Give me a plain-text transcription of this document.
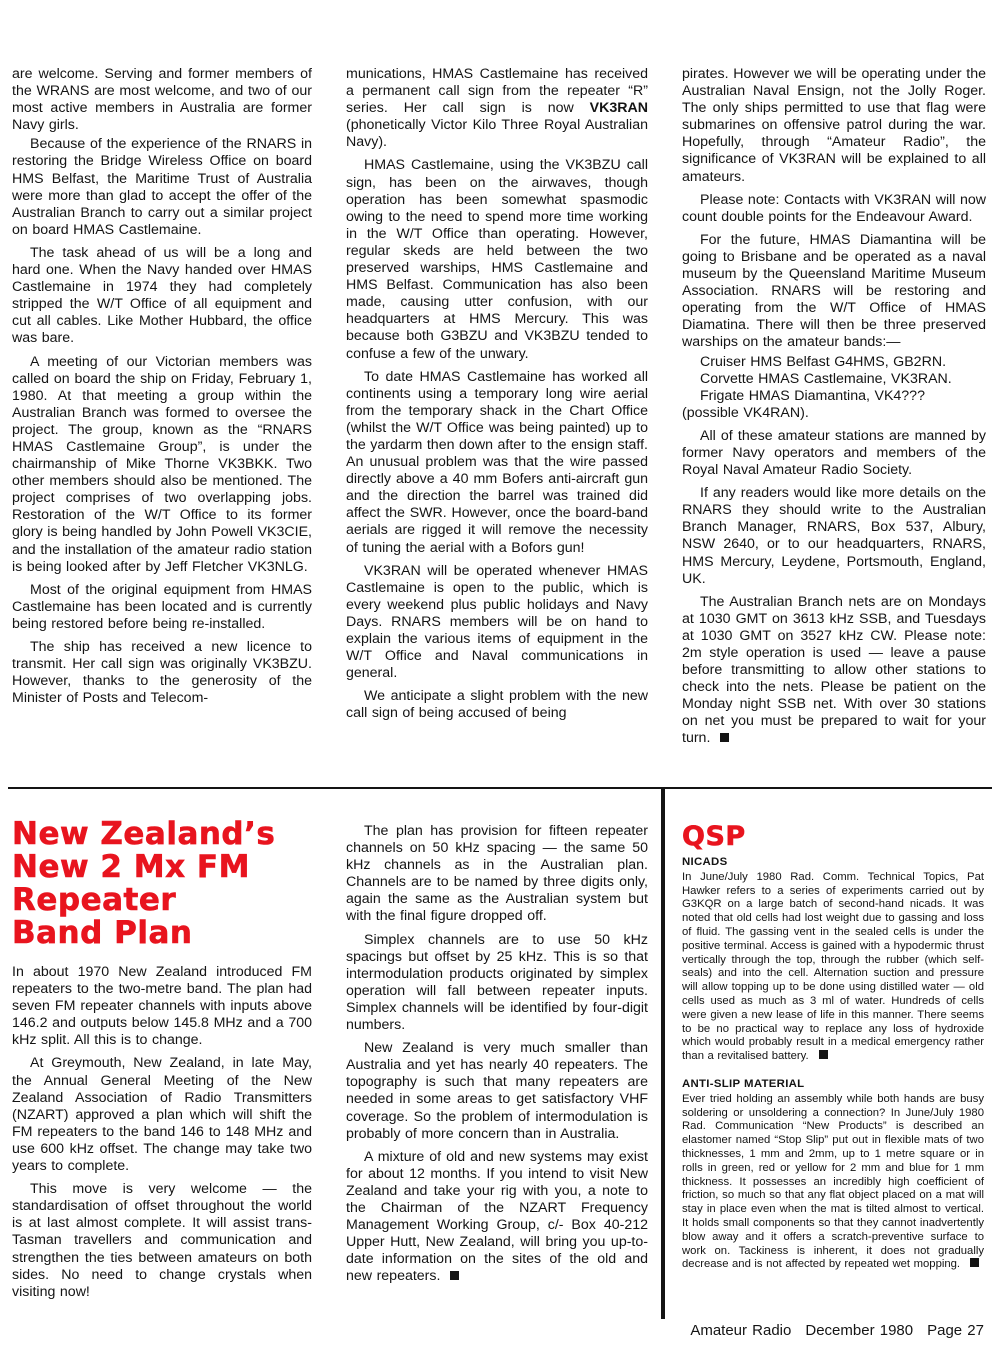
are welcome. Serving and former members of the WRANS are most welcome, and two of our most active members in Australia are former Navy girls.

Because of the experience of the RNARS in restoring the Bridge Wireless Office on board HMS Belfast, the Maritime Trust of Australia were more than glad to accept the offer of the Australian Branch to carry out a similar project on board HMAS Castlemaine.

The task ahead of us will be a long and hard one. When the Navy handed over HMAS Castlemaine in 1974 they had completely stripped the W/T Office of all equipment and cut all cables. Like Mother Hubbard, the office was bare.

A meeting of our Victorian members was called on board the ship on Friday, February 1, 1980. At that meeting a group within the Australian Branch was formed to oversee the project. The group, known as the “RNARS HMAS Castlemaine Group”, is under the chairmanship of Mike Thorne VK3BKK. Two other members should also be mentioned. The project comprises of two overlapping jobs. Restoration of the W/T Office to its former glory is being handled by John Powell VK3CIE, and the installation of the amateur radio station is being looked after by Jeff Fletcher VK3NLG.

Most of the original equipment from HMAS Castlemaine has been located and is currently being restored before being re-installed.

The ship has received a new licence to transmit. Her call sign was originally VK3BZU. However, thanks to the generosity of the Minister of Posts and Telecom-

munications, HMAS Castlemaine has received a permanent call sign from the repeater “R” series. Her call sign is now VK3RAN (phonetically Victor Kilo Three Royal Australian Navy).

HMAS Castlemaine, using the VK3BZU call sign, has been on the airwaves, though operation has been somewhat spasmodic owing to the need to spend more time working in the W/T Office than operating. However, regular skeds are held between the two preserved warships, HMS Castlemaine and HMS Belfast. Communication has also been made, causing utter confusion, with our headquarters at HMS Mercury. This was because both G3BZU and VK3BZU tended to confuse a few of the unwary.

To date HMAS Castlemaine has worked all continents using a temporary long wire aerial from the temporary shack in the Chart Office (whilst the W/T Office was being painted) up to the yardarm then down after to the ensign staff. An unusual problem was that the wire passed directly above a 40 mm Bofers anti-aircraft gun and the direction the barrel was trained did affect the SWR. However, once the board-band aerials are rigged it will remove the necessity of tuning the aerial with a Bofors gun!

VK3RAN will be operated whenever HMAS Castlemaine is open to the public, which is every weekend plus public holidays and Navy Days. RNARS members will be on hand to explain the various items of equipment in the W/T Office and Naval communications in general.

We anticipate a slight problem with the new call sign of being accused of being

pirates. However we will be operating under the Australian Naval Ensign, not the Jolly Roger. The only ships permitted to use that flag were submarines on offensive patrol during the war. Hopefully, through “Amateur Radio”, the significance of VK3RAN will be explained to all amateurs.

Please note: Contacts with VK3RAN will now count double points for the Endeavour Award.

For the future, HMAS Diamantina will be going to Brisbane and be operated as a naval museum by the Queensland Maritime Museum Association. RNARS will be restoring and operating from the W/T Office of HMAS Diamatina. There will then be three preserved warships on the amateur bands:—

Cruiser HMS Belfast G4HMS, GB2RN.

Corvette HMAS Castlemaine, VK3RAN.

Frigate HMAS Diamantina, VK4???

(possible VK4RAN).

All of these amateur stations are manned by former Navy operators and members of the Royal Naval Amateur Radio Society.

If any readers would like more details on the RNARS they should write to the Australian Branch Manager, RNARS, Box 537, Albury, NSW 2640, or to our headquarters, RNARS, HMS Mercury, Leydene, Portsmouth, England, UK.

The Australian Branch nets are on Mondays at 1030 GMT on 3613 kHz SSB, and Tuesdays at 1030 GMT on 3527 kHz CW. Please note: 2m style operation is used — leave a pause before transmitting to allow other stations to check into the nets. Please be patient on the Monday night SSB net. With over 30 stations on net you must be prepared to wait for your turn.

New Zealand’s
New 2 Mx FM
Repeater
Band Plan

In about 1970 New Zealand introduced FM repeaters to the two-metre band. The plan had seven FM repeater channels with inputs above 146.2 and outputs below 145.8 MHz and a 700 kHz split. All this is to change.

At Greymouth, New Zealand, in late May, the Annual General Meeting of the New Zealand Association of Radio Transmitters (NZART) approved a plan which will shift the FM repeaters to the band 146 to 148 MHz and use 600 kHz offset. The change may take two years to complete.

This move is very welcome — the standardisation of offset throughout the world is at last almost complete. It will assist trans-Tasman travellers and communication and strengthen the ties between amateurs on both sides. No need to change crystals when visiting now!

The plan has provision for fifteen repeater channels on 50 kHz spacing — the same 50 kHz channels as in the Australian plan. Channels are to be named by three digits only, again the same as the Australian system but with the final figure dropped off.

Simplex channels are to use 50 kHz spacings but offset by 25 kHz. This is so that intermodulation products originated by simplex operation will fall between repeater inputs. Simplex channels will be identified by four-digit numbers.

New Zealand is very much smaller than Australia and yet has nearly 40 repeaters. The topography is such that many repeaters are needed in some areas to get satisfactory VHF coverage. So the problem of intermodulation is probably of more concern than in Australia.

A mixture of old and new systems may exist for about 12 months. If you intend to visit New Zealand and take your rig with you, a note to the Chairman of the NZART Frequency Management Working Group, c/- Box 40-212 Upper Hutt, New Zealand, will bring you up-to-date information on the sites of the old and new repeaters.

QSP
NICADS

In June/July 1980 Rad. Comm. Technical Topics, Pat Hawker refers to a series of experiments carried out by G3KQR on a large batch of second-hand nicads. It was noted that old cells had lost weight due to gassing and loss of fluid. The gassing vent in the sealed cells is under the positive terminal. Access is gained with a hypodermic thrust vertically through the top, through the rubber (which self-seals) and into the cell. Alternation suction and pressure will allow topping up to be done using distilled water — old cells used as much as 3 ml of water. Hundreds of cells were given a new lease of life in this manner. There seems to be no practical way to replace any loss of hydroxide which would probably result in a medical emergency rather than a revitalised battery.

ANTI-SLIP MATERIAL

Ever tried holding an assembly while both hands are busy soldering or unsoldering a connection? In June/July 1980 Rad. Communication “New Products” is described an elastomer named “Stop Slip” put out in flexible mats of two thicknesses, 1 mm and 2mm, up to 1 metre square or in rolls in green, red or yellow for 2 mm and blue for 1 mm thickness. It possesses an incredibly high coefficient of friction, so much so that any flat object placed on a mat will stay in place even when the mat is tilted almost to vertical. It holds small components so that they cannot inadvertently blow away and it offers a scratch-preventive surface to work on. Tackiness is inherent, it does not gradually decrease and is not affected by repeated wet mopping.

Amateur Radio December 1980 Page 27
